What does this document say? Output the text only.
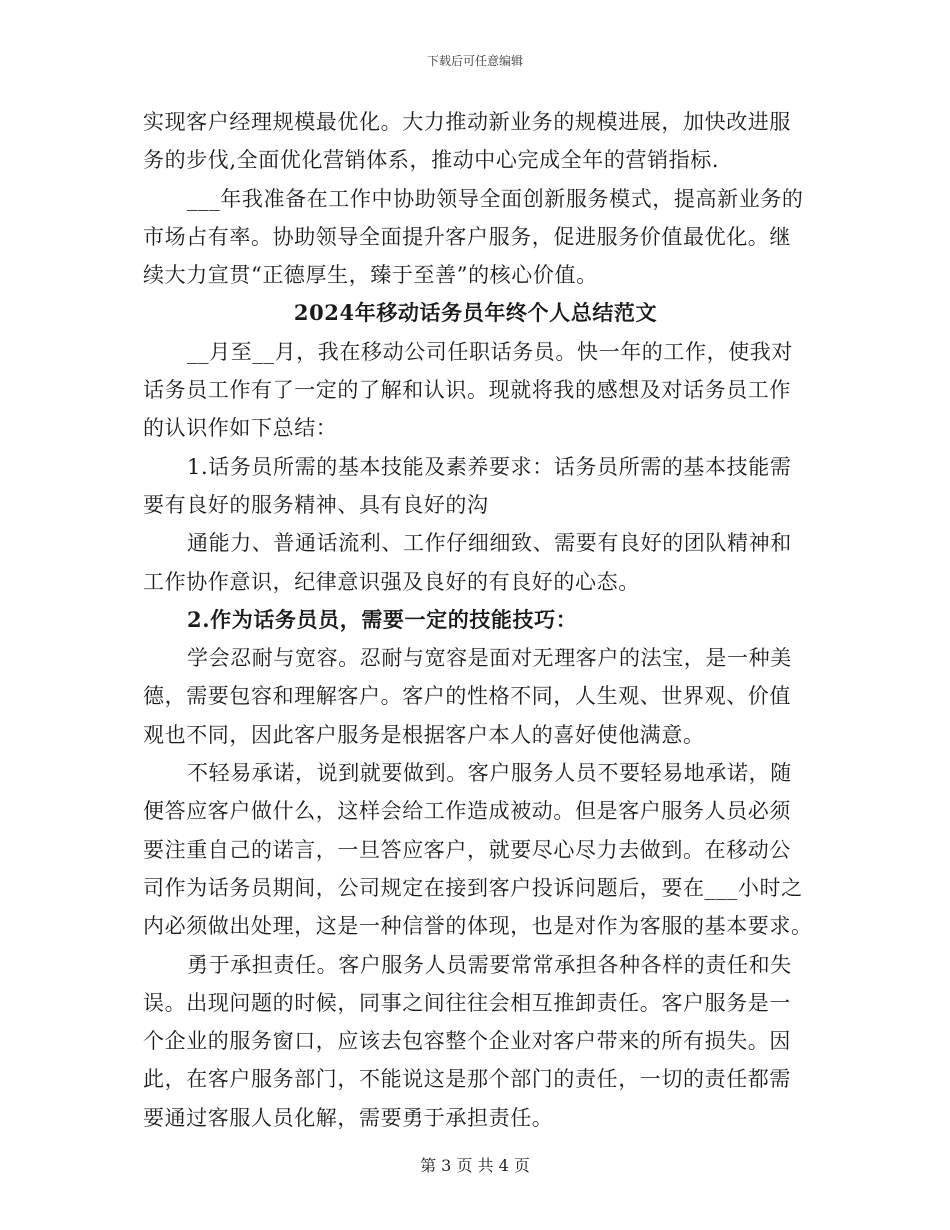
下载后可任意编辑

实现客户经理规模最优化。大力推动新业务的规模进展，加快改进服

务的步伐,全面优化营销体系，推动中心完成全年的营销指标.

___年我准备在工作中协助领导全面创新服务模式，提高新业务的

市场占有率。协助领导全面提升客户服务，促进服务价值最优化。继

续大力宣贯“正德厚生，臻于至善”的核心价值。

2024年移动话务员年终个人总结范文

__月至__月，我在移动公司任职话务员。快一年的工作，使我对

话务员工作有了一定的了解和认识。现就将我的感想及对话务员工作

的认识作如下总结：

1.话务员所需的基本技能及素养要求：话务员所需的基本技能需

要有良好的服务精神、具有良好的沟

通能力、普通话流利、工作仔细细致、需要有良好的团队精神和

工作协作意识，纪律意识强及良好的有良好的心态。

2.作为话务员员，需要一定的技能技巧：

学会忍耐与宽容。忍耐与宽容是面对无理客户的法宝，是一种美

德，需要包容和理解客户。客户的性格不同，人生观、世界观、价值

观也不同，因此客户服务是根据客户本人的喜好使他满意。

不轻易承诺，说到就要做到。客户服务人员不要轻易地承诺，随

便答应客户做什么，这样会给工作造成被动。但是客户服务人员必须

要注重自己的诺言，一旦答应客户，就要尽心尽力去做到。在移动公

司作为话务员期间，公司规定在接到客户投诉问题后，要在___小时之

内必须做出处理，这是一种信誉的体现，也是对作为客服的基本要求。

勇于承担责任。客户服务人员需要常常承担各种各样的责任和失

误。出现问题的时候，同事之间往往会相互推卸责任。客户服务是一

个企业的服务窗口，应该去包容整个企业对客户带来的所有损失。因

此，在客户服务部门，不能说这是那个部门的责任，一切的责任都需

要通过客服人员化解，需要勇于承担责任。

第 3 页 共 4 页
